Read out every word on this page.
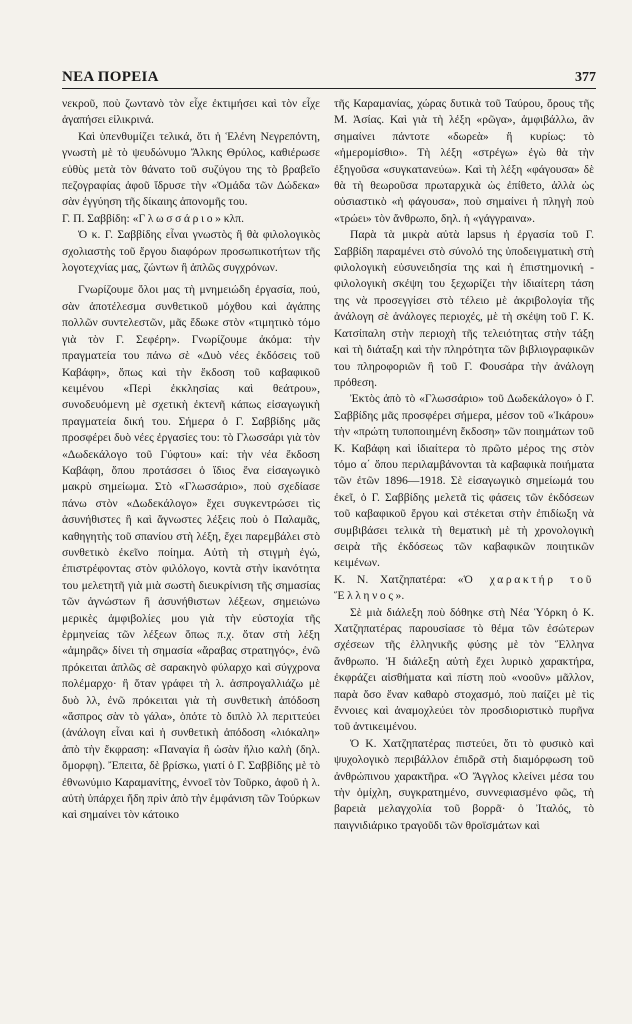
ΝΕΑ ΠΟΡΕΙΑ	377

νεκροῦ, ποὺ ζωντανὸ τὸν εἶχε ἐκτιμήσει καὶ τὸν εἶχε ἀγαπήσει εἰλικρινά.

Καὶ ὑπενθυμίζει τελικά, ὅτι ἡ Ἑλένη Νεγρεπόντη, γνωστὴ μὲ τὸ ψευδώνυμο Ἄλκης Θρύλος, καθιέρωσε εὐθὺς μετὰ τὸν θάνατο τοῦ συζύγου της τὸ βραβεῖο πεζογραφίας ἀφοῦ ἵδρυσε τὴν «Ὁμάδα τῶν Δώδεκα» σὰν ἐγγύηση τῆς δίκαιης ἀπονομῆς του.

Γ. Π. Σαββίδη: «Γλωσσάριο» κλπ.

Ὁ κ. Γ. Σαββίδης εἶναι γνωστὸς ἢ θὰ φιλολογικὸς σχολιαστὴς τοῦ ἔργου διαφόρων προσωπικοτήτων τῆς λογοτεχνίας μας, ζώντων ἢ ἁπλῶς συγχρόνων.

Γνωρίζουμε ὅλοι μας τὴ μνημειώδη ἐργασία, πού, σὰν ἀποτέλεσμα συνθετικοῦ μόχθου καὶ ἀγάπης πολλῶν συντελεστῶν, μᾶς ἔδωκε στὸν «τιμητικὸ τόμο γιὰ τὸν Γ. Σεφέρη». Γνωρίζουμε ἀκόμα: τὴν πραγματεία του πάνω σὲ «Δυὸ νέες ἐκδόσεις τοῦ Καβάφη», ὅπως καὶ τὴν ἔκδοση τοῦ καβαφικοῦ κειμένου «Περὶ ἐκκλησίας καὶ θεάτρου», συνοδευόμενη μὲ σχετικὴ ἐκτενῆ κάπως εἰσαγωγικὴ πραγματεία δική του. Σήμερα ὁ Γ. Σαββίδης μᾶς προσφέρει δυὸ νέες ἐργασίες του: τὸ Γλωσσάρι γιὰ τὸν «Δωδεκάλογο τοῦ Γύφτου» καί: τὴν νέα ἔκδοση Καβάφη, ὅπου προτάσσει ὁ ἴδιος ἕνα εἰσαγωγικὸ μακρὺ σημείωμα. Στὸ «Γλωσσάριο», ποὺ σχεδίασε πάνω στὸν «Δωδεκάλογο» ἔχει συγκεντρώσει τὶς ἀσυνήθιστες ἢ καὶ ἄγνωστες λέξεις ποὺ ὁ Παλαμᾶς, καθηγητὴς τοῦ σπανίου στὴ λέξη, ἔχει παρεμβάλει στὸ συνθετικὸ ἐκεῖνο ποίημα. Αὐτὴ τὴ στιγμὴ ἐγώ, ἐπιστρέφοντας στὸν φιλόλογο, κοντὰ στὴν ἱκανότητα του μελετητῆ γιὰ μιὰ σωστὴ διευκρίνιση τῆς σημασίας τῶν ἀγνώστων ἢ ἀσυνήθιστων λέξεων, σημειώνω μερικὲς ἀμφιβολίες μου γιὰ τὴν εὐστοχία τῆς ἑρμηνείας τῶν λέξεων ὅπως π.χ. ὅταν στὴ λέξη «ἀμηρᾶς» δίνει τὴ σημασία «ἄραβας στρατηγός», ἐνῶ πρόκειται ἁπλῶς σὲ σαρακηνὸ φύλαρχο καὶ σύγχρονα πολέμαρχο· ἢ ὅταν γράφει τὴ λ. ἀσπρογαλλιάζω μὲ δυὸ λλ, ἐνῶ πρόκειται γιὰ τὴ συνθετικὴ ἀπόδοση «ἄσπρος σὰν τὸ γάλα», ὁπότε τὸ διπλὸ λλ περιττεύει (ἀνάλογη εἶναι καὶ ἡ συνθετικὴ ἀπόδοση «λιόκαλη» ἀπὸ τὴν ἔκφραση: «Παναγία ἢ ὡσὰν ἥλιο καλὴ (δηλ. ὅμορφη). Ἔπειτα, δὲ βρίσκω, γιατί ὁ Γ. Σαββίδης μὲ τὸ ἐθνωνύμιο Καραμανίτης, ἐννοεῖ τὸν Τοῦρκο, ἀφοῦ ἡ λ. αὐτὴ ὑπάρχει ἤδη πρὶν ἀπὸ τὴν ἐμφάνιση τῶν Τούρκων καὶ σημαίνει τὸν κάτοικο

τῆς Καραμανίας, χώρας δυτικὰ τοῦ Ταύρου, ὄρους τῆς Μ. Ἀσίας. Καὶ γιὰ τὴ λέξη «ρῶγα», ἀμφιβάλλω, ἂν σημαίνει πάντοτε «δωρεὰ» ἢ κυρίως: τὸ «ἠμερομίσθιο». Τὴ λέξη «στρέγω» ἐγὼ θὰ τὴν ἐξηγοῦσα «συγκατανεύω». Καὶ τὴ λέξη «φάγουσα» δὲ θὰ τὴ θεωροῦσα πρωταρχικὰ ὡς ἐπίθετο, ἀλλὰ ὡς οὐσιαστικὸ «ἡ φάγουσα», ποὺ σημαίνει ἡ πληγὴ ποὺ «τρώει» τὸν ἄνθρωπο, δηλ. ἡ «γάγγραινα».

Παρὰ τὰ μικρὰ αὐτὰ lapsus ἡ ἐργασία τοῦ Γ. Σαββίδη παραμένει στὸ σύνολό της ὑποδειγματικὴ στὴ φιλολογικὴ εὐσυνειδησία της καὶ ἡ ἐπιστημονική - φιλολογικὴ σκέψη του ξεχωρίζει τὴν ἰδιαίτερη τάση της νὰ προσεγγίσει στὸ τέλειο μὲ ἀκριβολογία τῆς ἀνάλογη σὲ ἀνάλογες περιοχές, μὲ τὴ σκέψη τοῦ Γ. Κ. Κατσίπαλη στὴν περιοχὴ τῆς τελειότητας στὴν τάξη καὶ τὴ διάταξη καὶ τὴν πληρότητα τῶν βιβλιογραφικῶν του πληροφοριῶν ἢ τοῦ Γ. Φουσάρα τὴν ἀνάλογη πρόθεση.

Ἐκτὸς ἀπὸ τὸ «Γλωσσάριο» τοῦ Δωδεκάλογο» ὁ Γ. Σαββίδης μᾶς προσφέρει σήμερα, μέσον τοῦ «Ἰκάρου» τὴν «πρώτη τυποποιημένη ἔκδοση» τῶν ποιημάτων τοῦ Κ. Καβάφη καὶ ἰδιαίτερα τὸ πρῶτο μέρος της στὸν τόμο α΄ ὅπου περιλαμβάνονται τὰ καβαφικὰ ποιήματα τῶν ἐτῶν 1896—1918. Σὲ εἰσαγωγικὸ σημείωμά του ἐκεῖ, ὁ Γ. Σαββίδης μελετᾶ τὶς φάσεις τῶν ἐκδόσεων τοῦ καβαφικοῦ ἔργου καὶ στέκεται στὴν ἐπιδίωξη νὰ συμβιβάσει τελικὰ τὴ θεματικὴ μὲ τὴ χρονολογικὴ σειρὰ τῆς ἐκδόσεως τῶν καβαφικῶν ποιητικῶν κειμένων.

Κ. Ν. Χατζηπατέρα: «Ὁ χαρακτήρ τοῦ Ἕλληνος».

Σὲ μιὰ διάλεξη ποὺ δόθηκε στὴ Νέα Ὑόρκη ὁ Κ. Χατζηπατέρας παρουσίασε τὸ θέμα τῶν ἐσώτερων σχέσεων τῆς ἑλληνικῆς φύσης μὲ τὸν Ἕλληνα ἄνθρωπο. Ἡ διάλεξη αὐτὴ ἔχει λυρικὸ χαρακτήρα, ἐκφράζει αἰσθήματα καὶ πίστη ποὺ «νοοῦν» μᾶλλον, παρὰ ὅσο ἕναν καθαρὸ στοχασμό, ποὺ παίζει μὲ τὶς ἔννοιες καὶ ἀναμοχλεύει τὸν προσδιοριστικὸ πυρῆνα τοῦ ἀντικειμένου.

Ὁ Κ. Χατζηπατέρας πιστεύει, ὅτι τὸ φυσικὸ καὶ ψυχολογικὸ περιβάλλον ἐπιδρᾶ στὴ διαμόρφωση τοῦ ἀνθρώπινου χαρακτῆρα. «Ὁ Ἄγγλος κλείνει μέσα του τὴν ὁμίχλη, συγκρατημένο, συννεφιασμένο φῶς, τὴ βαρειὰ μελαγχολία τοῦ βορρᾶ· ὁ Ἰταλός, τὸ παιγνιδιάρικο τραγοῦδι τῶν θροϊσμάτων καὶ
